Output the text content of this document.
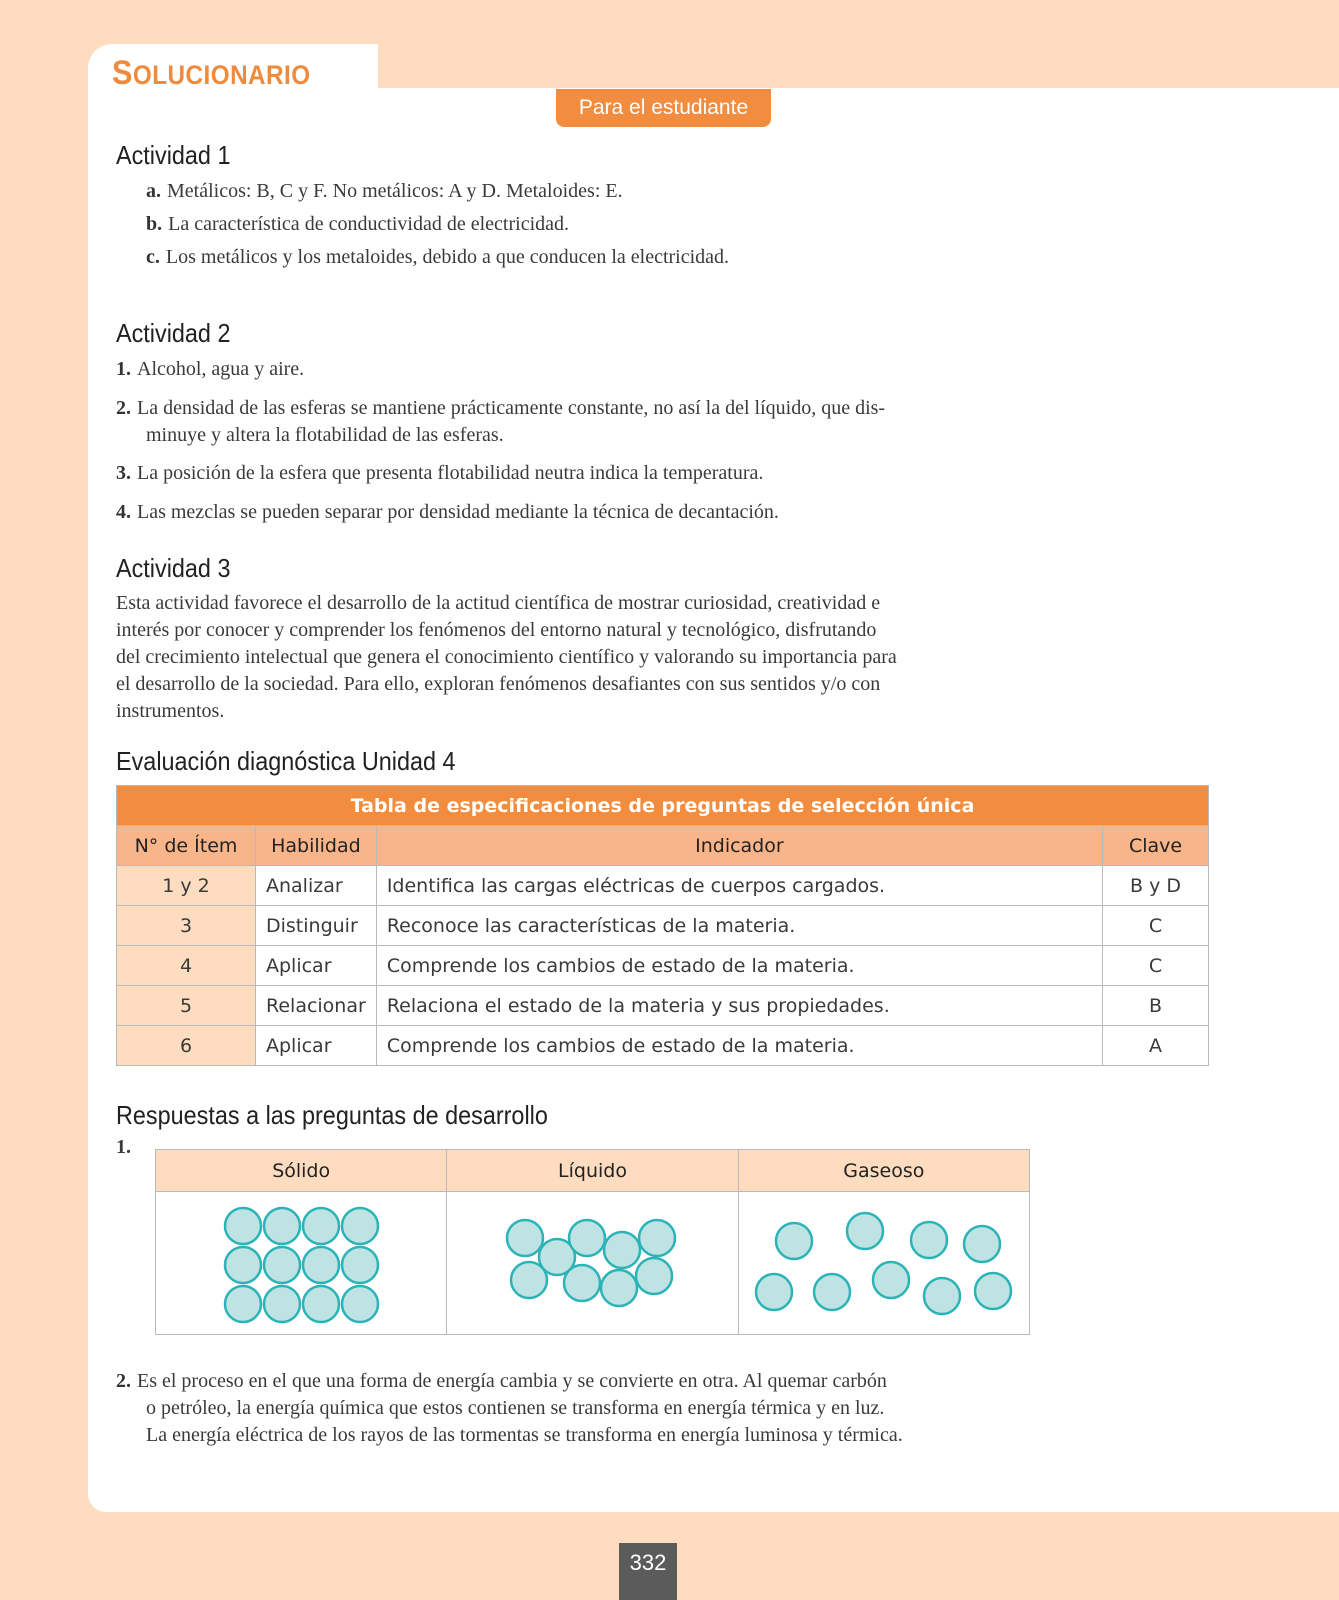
SOLUCIONARIO
Para el estudiante
Actividad 1
a. Metálicos: B, C y F. No metálicos: A y D. Metaloides: E.
b. La característica de conductividad de electricidad.
c. Los metálicos y los metaloides, debido a que conducen la electricidad.
Actividad 2
1. Alcohol, agua y aire.
2. La densidad de las esferas se mantiene prácticamente constante, no así la del líquido, que dis-
minuye y altera la flotabilidad de las esferas.
3. La posición de la esfera que presenta flotabilidad neutra indica la temperatura.
4. Las mezclas se pueden separar por densidad mediante la técnica de decantación.
Actividad 3
Esta actividad favorece el desarrollo de la actitud científica de mostrar curiosidad, creatividad e
interés por conocer y comprender los fenómenos del entorno natural y tecnológico, disfrutando
del crecimiento intelectual que genera el conocimiento científico y valorando su importancia para
el desarrollo de la sociedad. Para ello, exploran fenómenos desafiantes con sus sentidos y/o con
instrumentos.
Evaluación diagnóstica Unidad 4
Tabla de especificaciones de preguntas de selección única			
N° de Ítem	Habilidad	Indicador	Clave
1 y 2	Analizar	Identifica las cargas eléctricas de cuerpos cargados.	B y D
3	Distinguir	Reconoce las características de la materia.	C
4	Aplicar	Comprende los cambios de estado de la materia.	C
5	Relacionar	Relaciona el estado de la materia y sus propiedades.	B
6	Aplicar	Comprende los cambios de estado de la materia.	A
Respuestas a las preguntas de desarrollo
1.
Sólido	Líquido	Gaseoso

2. Es el proceso en el que una forma de energía cambia y se convierte en otra. Al quemar carbón
o petróleo, la energía química que estos contienen se transforma en energía térmica y en luz.
La energía eléctrica de los rayos de las tormentas se transforma en energía luminosa y térmica.
332
